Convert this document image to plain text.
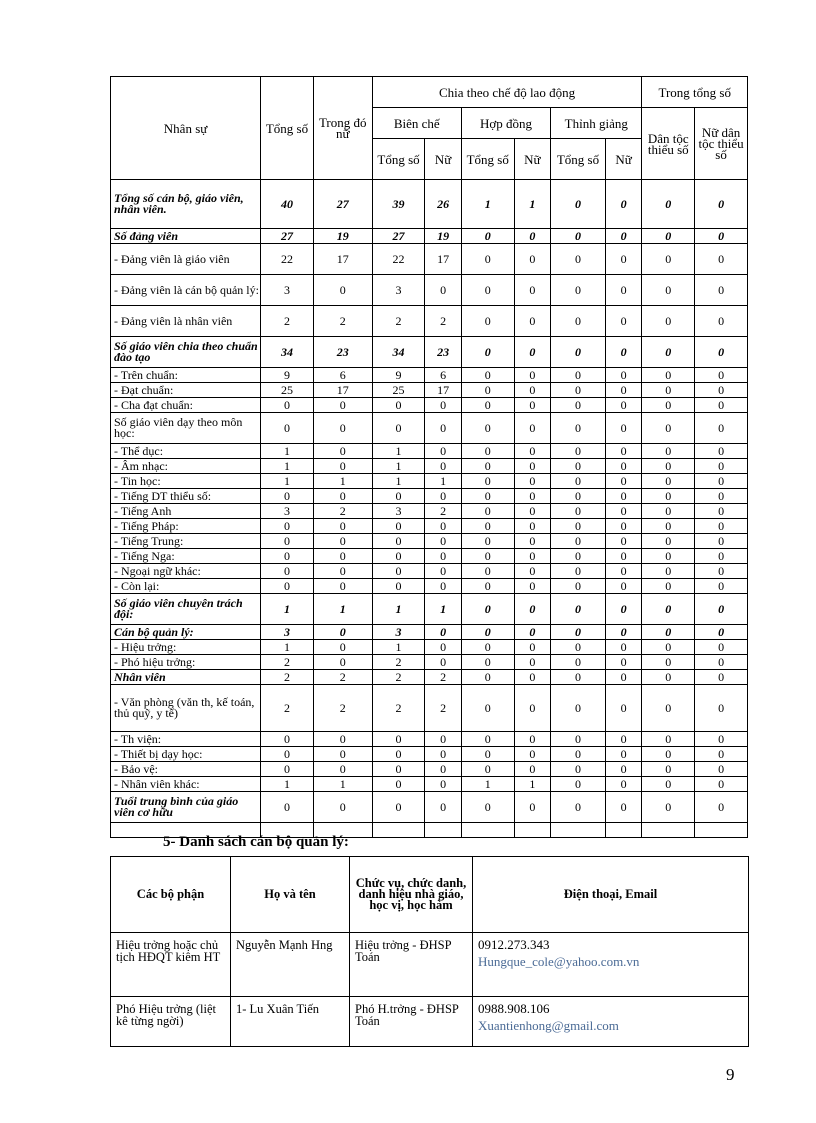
Nhân sự	Tổng số	Trong đó nữ	Chia theo chế độ lao động						Trong tổng số	
			Biên chế		Hợp đồng		Thỉnh giảng		Dân tộc thiểu số	Nữ dân tộc thiểu số
			Tổng số	Nữ	Tổng số	Nữ	Tổng số	Nữ		
Tổng số cán bộ, giáo viên, nhân viên.	40	27	39	26	1	1	0	0	0	0
Số đảng viên	27	19	27	19	0	0	0	0	0	0
- Đảng viên là giáo viên	22	17	22	17	0	0	0	0	0	0
- Đảng viên là cán bộ quản lý:	3	0	3	0	0	0	0	0	0	0
- Đảng viên là nhân viên	2	2	2	2	0	0	0	0	0	0
Số giáo viên chia theo chuẩn đào tạo	34	23	34	23	0	0	0	0	0	0
- Trên chuẩn:	9	6	9	6	0	0	0	0	0	0
- Đạt chuẩn:	25	17	25	17	0	0	0	0	0	0
- Cha đạt chuẩn:	0	0	0	0	0	0	0	0	0	0
Số giáo viên dạy theo môn học:	0	0	0	0	0	0	0	0	0	0
- Thể dục:	1	0	1	0	0	0	0	0	0	0
- Âm nhạc:	1	0	1	0	0	0	0	0	0	0
- Tin học:	1	1	1	1	0	0	0	0	0	0
- Tiếng DT thiểu số:	0	0	0	0	0	0	0	0	0	0
- Tiếng Anh	3	2	3	2	0	0	0	0	0	0
- Tiếng Pháp:	0	0	0	0	0	0	0	0	0	0
- Tiếng Trung:	0	0	0	0	0	0	0	0	0	0
- Tiếng Nga:	0	0	0	0	0	0	0	0	0	0
- Ngoại ngữ khác:	0	0	0	0	0	0	0	0	0	0
- Còn lại:	0	0	0	0	0	0	0	0	0	0
Số giáo viên chuyên trách đội:	1	1	1	1	0	0	0	0	0	0
Cán bộ quản lý:	3	0	3	0	0	0	0	0	0	0
- Hiệu trởng:	1	0	1	0	0	0	0	0	0	0
- Phó hiệu trởng:	2	0	2	0	0	0	0	0	0	0
Nhân viên	2	2	2	2	0	0	0	0	0	0
- Văn phòng (văn th, kế toán, thủ quỹ, y tế)	2	2	2	2	0	0	0	0	0	0
- Th viện:	0	0	0	0	0	0	0	0	0	0
- Thiết bị dạy học:	0	0	0	0	0	0	0	0	0	0
- Bảo vệ:	0	0	0	0	0	0	0	0	0	0
- Nhân viên khác:	1	1	0	0	1	1	0	0	0	0
Tuổi trung bình của giáo viên cơ hữu	0	0	0	0	0	0	0	0	0	0

5- Danh sách cán bộ quản lý:
Các bộ phận	Họ và tên	Chức vụ, chức danh, danh hiệu nhà giáo, học vị, học hàm	Điện thoại, Email
Hiệu trởng hoặc chủ tịch HĐQT kiêm HT	Nguyễn Mạnh Hng	Hiệu trởng - ĐHSP Toán	0912.273.343
Hungque_cole@yahoo.com.vn

Phó Hiệu trởng (liệt kê từng ngời)	1- Lu Xuân Tiến	Phó H.trởng - ĐHSP Toán	0988.908.106
Xuantienhong@gmail.com
9
